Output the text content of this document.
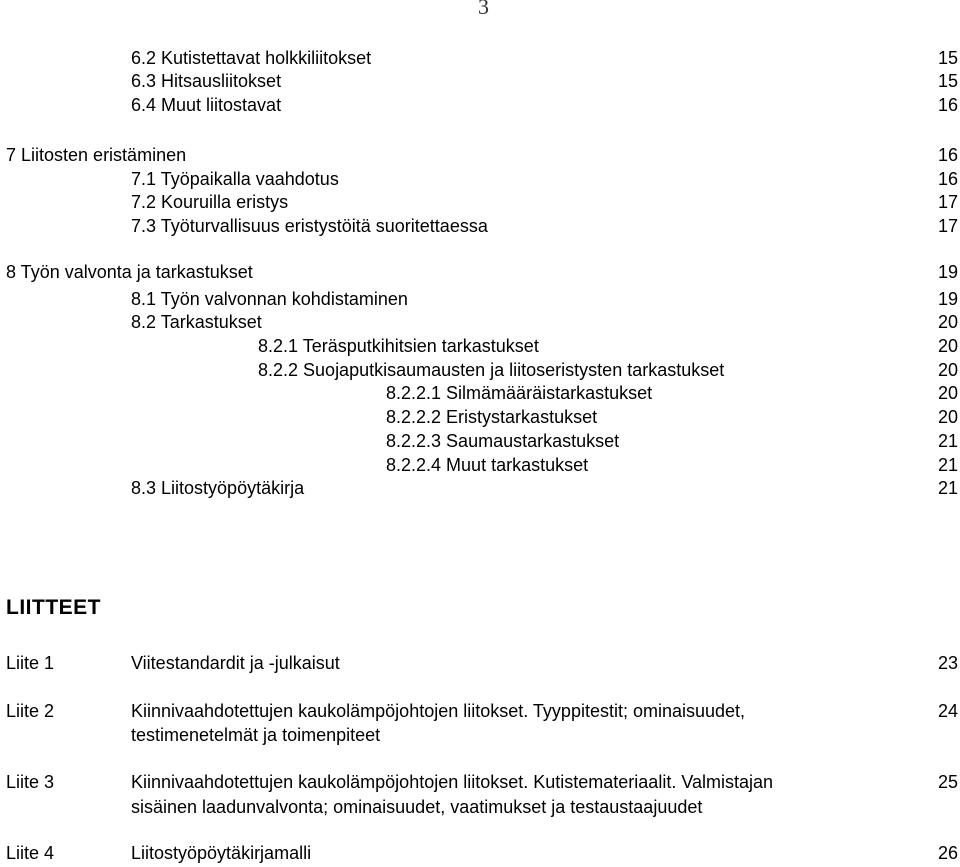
3
6.2 Kutistettavat holkkiliitokset	15
6.3 Hitsausliitokset	15
6.4 Muut liitostavat	16
7 Liitosten eristäminen	16
7.1 Työpaikalla vaahdotus	16
7.2 Kouruilla eristys	17
7.3 Työturvallisuus eristystöitä suoritettaessa	17
8 Työn valvonta ja tarkastukset	19
8.1 Työn valvonnan kohdistaminen	19
8.2 Tarkastukset	20
8.2.1 Teräsputkihitsien tarkastukset	20
8.2.2 Suojaputkisaumausten ja liitoseristysten tarkastukset	20
8.2.2.1 Silmämääräistarkastukset	20
8.2.2.2 Eristystarkastukset	20
8.2.2.3 Saumaustarkastukset	21
8.2.2.4 Muut tarkastukset	21
8.3 Liitostyöpöytäkirja	21
LIITTEET
Liite 1	Viitestandardit ja -julkaisut	23
Liite 2	Kiinnivaahdotettujen kaukolämpöjohtojen liitokset. Tyyppitestit; ominaisuudet,	24
testimenetelmät ja toimenpiteet
Liite 3	Kiinnivaahdotettujen kaukolämpöjohtojen liitokset. Kutistemateriaalit. Valmistajan	25
sisäinen laadunvalvonta; ominaisuudet, vaatimukset ja testaustaajuudet
Liite 4	Liitostyöpöytäkirjamalli	26
